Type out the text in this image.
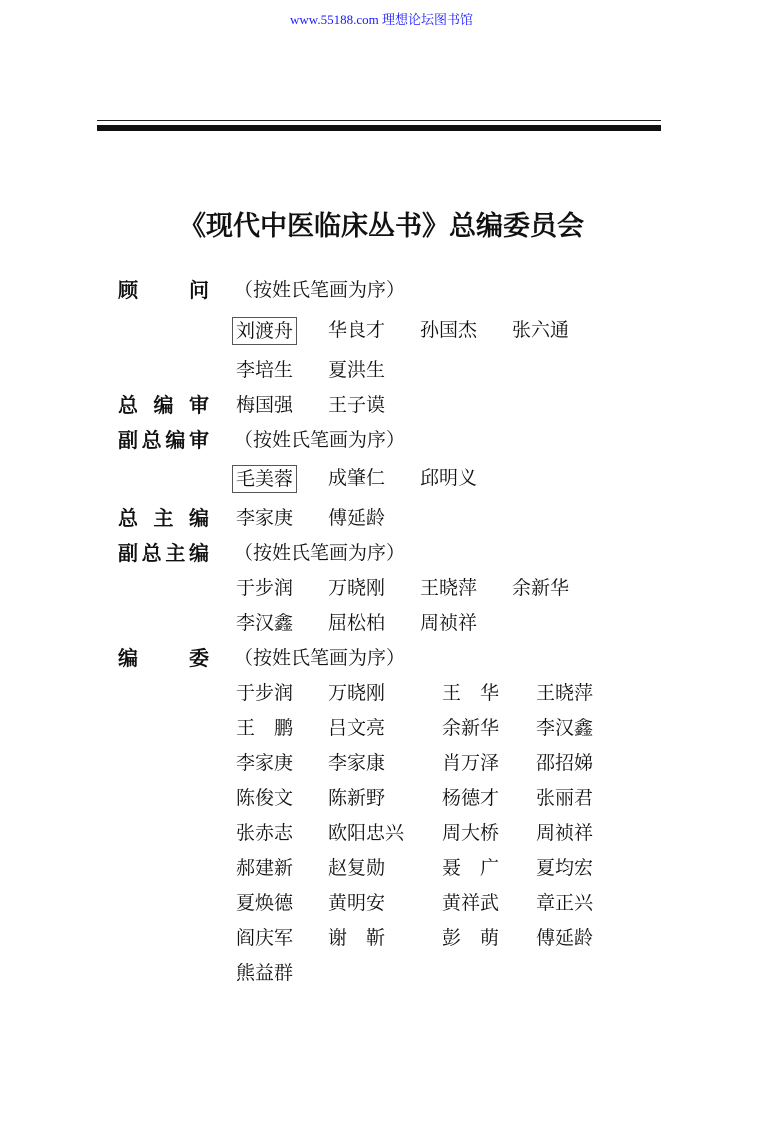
www.55188.com 理想论坛图书馆
《现代中医临床丛书》总编委员会
顾问 （按姓氏笔画为序）
刘渡舟 华良才 孙国杰 张六通
李培生 夏洪生
总编审 梅国强 王子谟
副总编审 （按姓氏笔画为序）
毛美蓉 成肇仁 邱明义
总主编 李家庚 傅延龄
副总主编 （按姓氏笔画为序）
于步润 万晓刚 王晓萍 余新华
李汉鑫 屈松柏 周祯祥
编委 （按姓氏笔画为序）
于步润 万晓刚	王　华 王晓萍
王　鹏 吕文亮	余新华 李汉鑫
李家庚 李家康	肖万泽 邵招娣
陈俊文 陈新野	杨德才 张丽君
张赤志 欧阳忠兴 周大桥 周祯祥
郝建新 赵复勋	聂　广 夏均宏
夏焕德 黄明安	黄祥武 章正兴
阎庆军 谢　靳	彭　萌 傅延龄
熊益群
